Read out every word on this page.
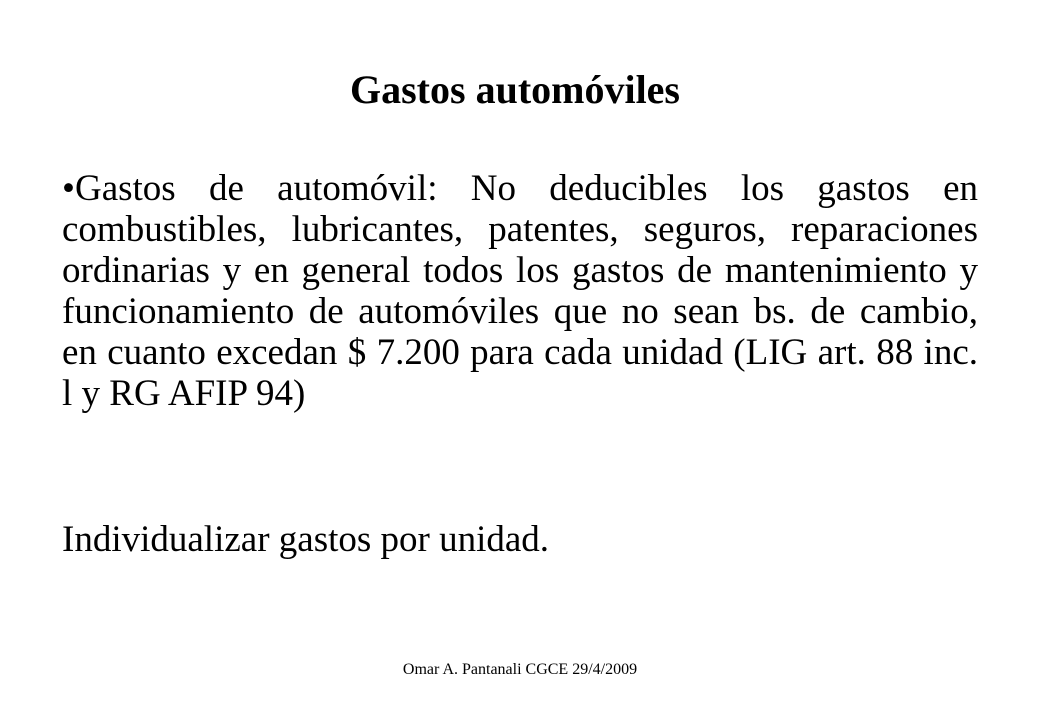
Gastos automóviles

•Gastos de automóvil: No deducibles los gastos en combustibles, lubricantes, patentes, seguros, reparaciones ordinarias y en general todos los gastos de mantenimiento y funcionamiento de automóviles que no sean bs. de cambio, en cuanto excedan $ 7.200 para cada unidad (LIG art. 88 inc. l y RG AFIP 94)

Individualizar gastos por unidad.

Omar A. Pantanali CGCE 29/4/2009
